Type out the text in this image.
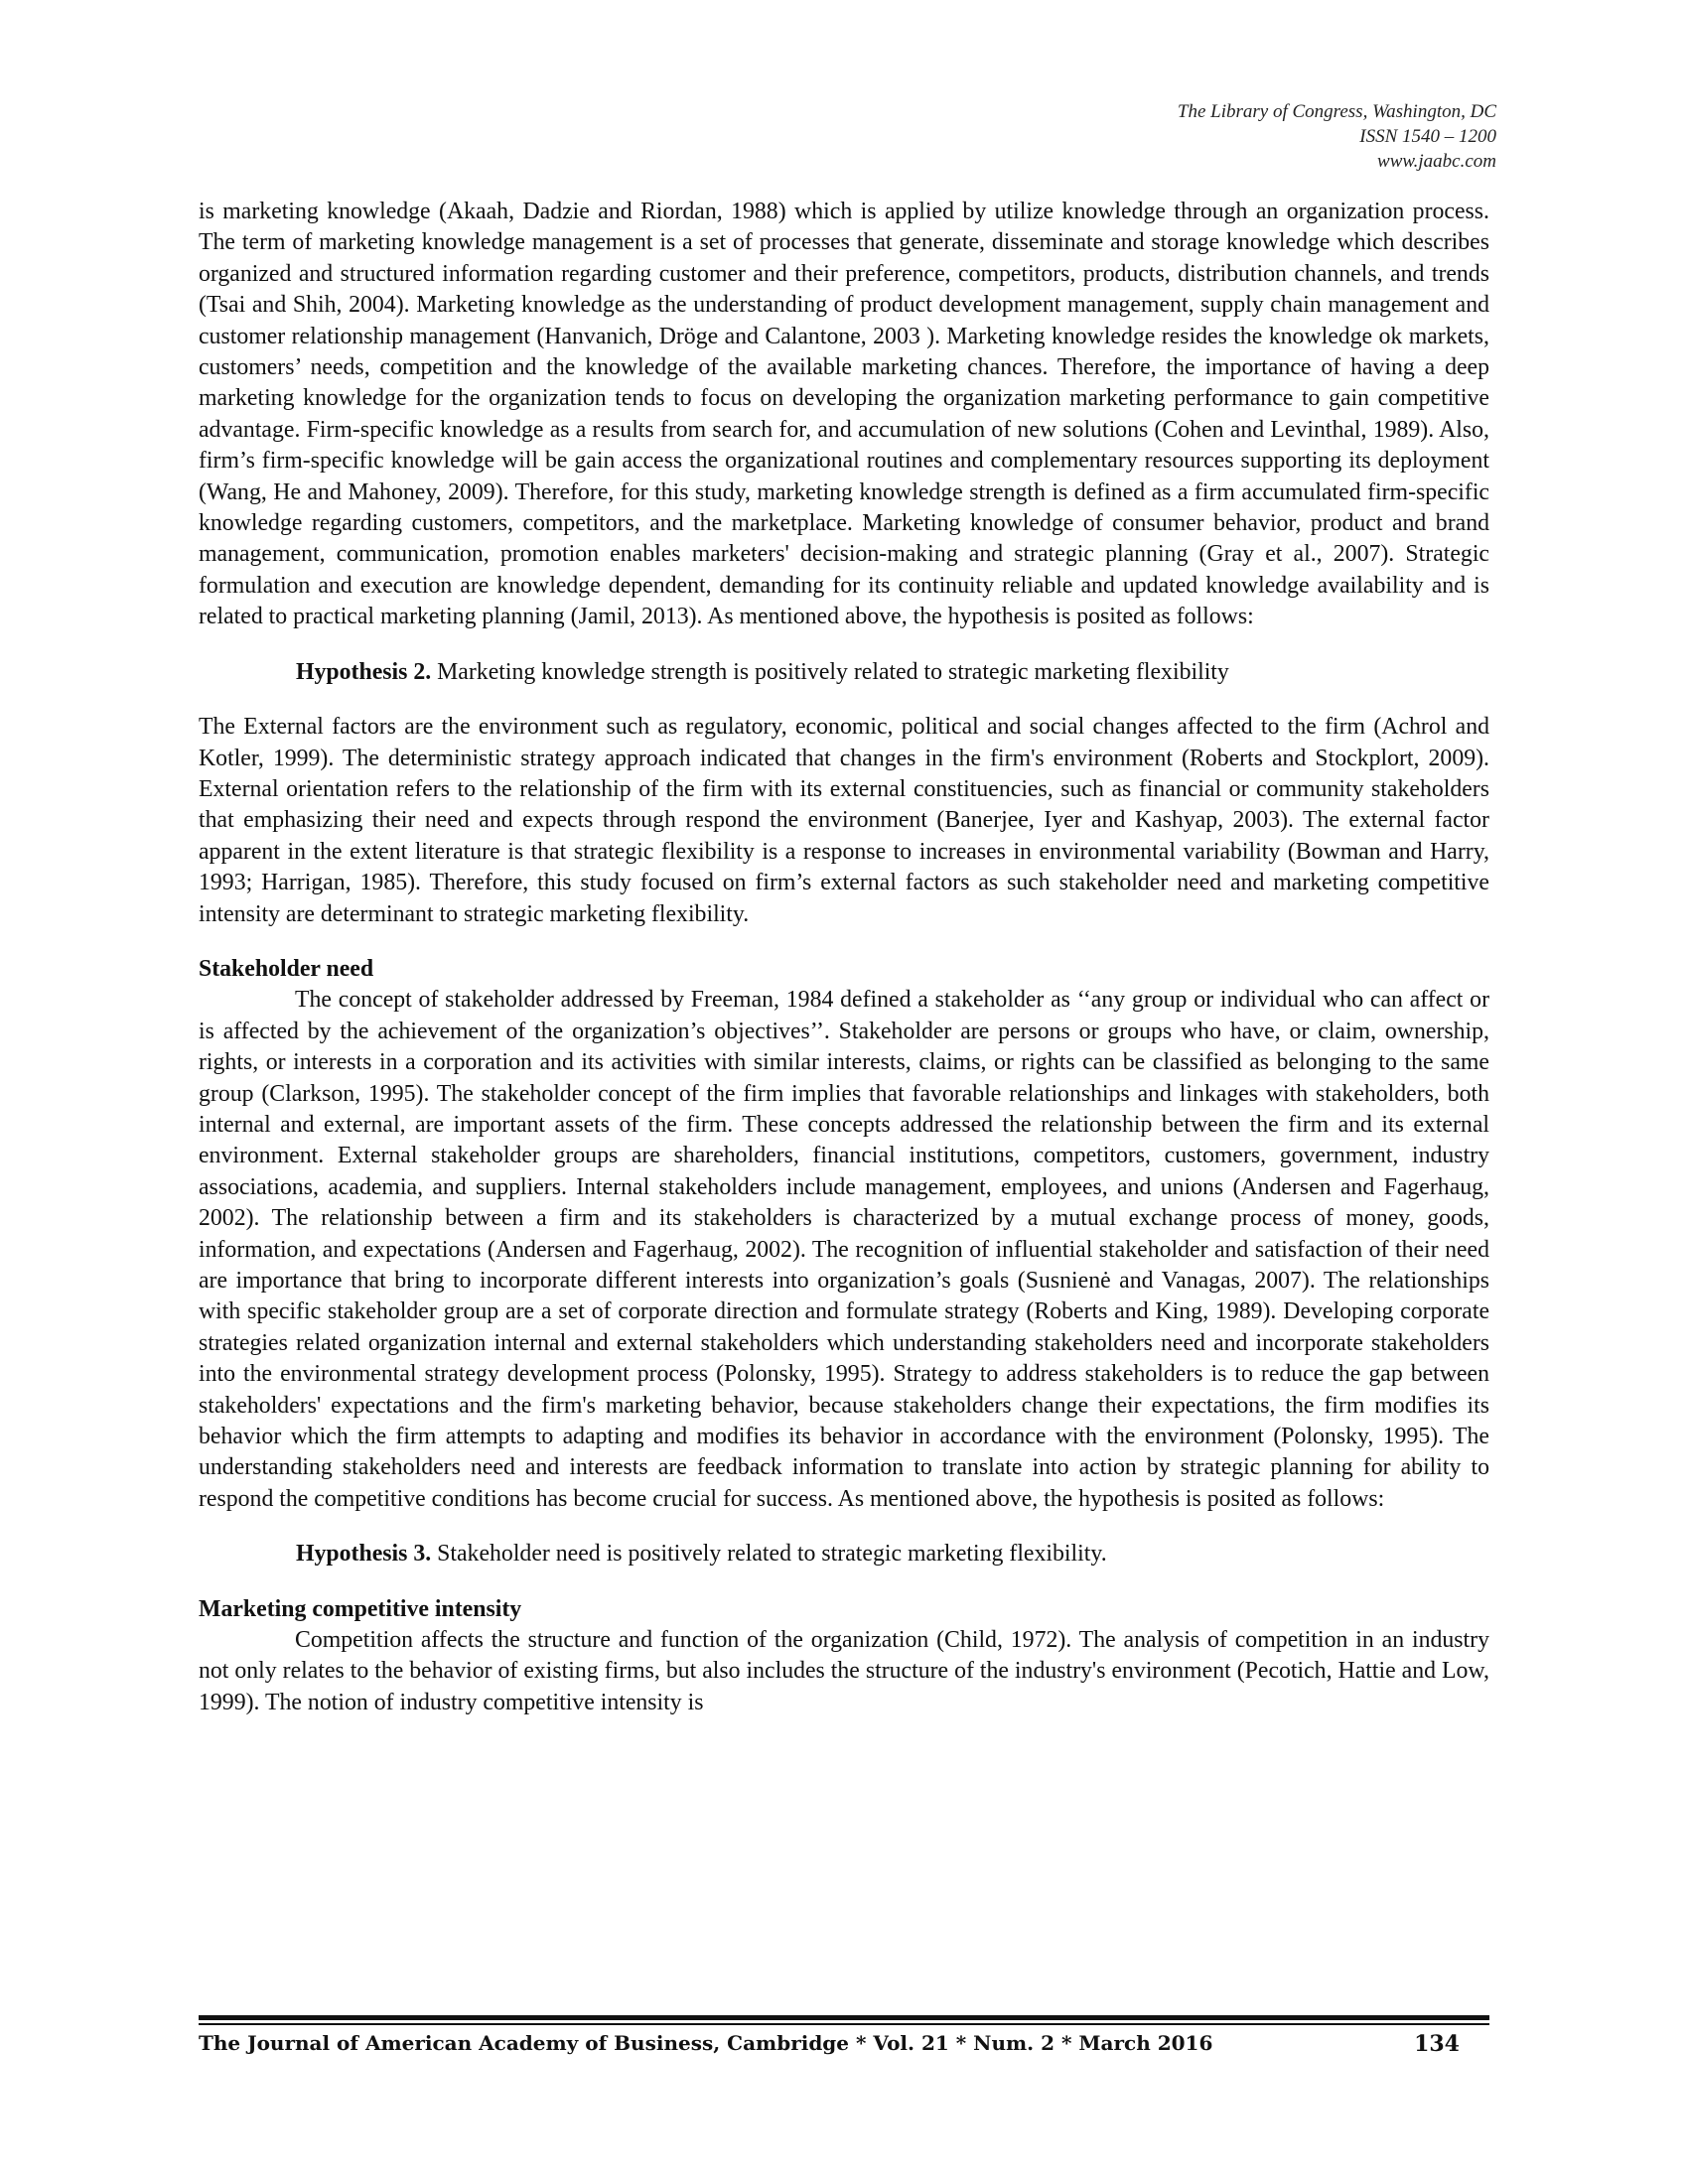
The Library of Congress, Washington, DC
ISSN 1540 – 1200
www.jaabc.com

is marketing knowledge (Akaah, Dadzie and Riordan, 1988) which is applied by utilize knowledge through an organization process. The term of marketing knowledge management is a set of processes that generate, disseminate and storage knowledge which describes organized and structured information regarding customer and their preference, competitors, products, distribution channels, and trends (Tsai and Shih, 2004). Marketing knowledge as the understanding of product development management, supply chain management and customer relationship management (Hanvanich, Dröge and Calantone, 2003 ). Marketing knowledge resides the knowledge ok markets, customers’ needs, competition and the knowledge of the available marketing chances. Therefore, the importance of having a deep marketing knowledge for the organization tends to focus on developing the organization marketing performance to gain competitive advantage. Firm-specific knowledge as a results from search for, and accumulation of new solutions (Cohen and Levinthal, 1989). Also, firm’s firm-specific knowledge will be gain access the organizational routines and complementary resources supporting its deployment (Wang, He and Mahoney, 2009). Therefore, for this study, marketing knowledge strength is defined as a firm accumulated firm-specific knowledge regarding customers, competitors, and the marketplace. Marketing knowledge of consumer behavior, product and brand management, communication, promotion enables marketers' decision-making and strategic planning (Gray et al., 2007). Strategic formulation and execution are knowledge dependent, demanding for its continuity reliable and updated knowledge availability and is related to practical marketing planning (Jamil, 2013). As mentioned above, the hypothesis is posited as follows:

Hypothesis 2. Marketing knowledge strength is positively related to strategic marketing flexibility

The External factors are the environment such as regulatory, economic, political and social changes affected to the firm (Achrol and Kotler, 1999). The deterministic strategy approach indicated that changes in the firm's environment (Roberts and Stockplort, 2009). External orientation refers to the relationship of the firm with its external constituencies, such as financial or community stakeholders that emphasizing their need and expects through respond the environment (Banerjee, Iyer and Kashyap, 2003). The external factor apparent in the extent literature is that strategic flexibility is a response to increases in environmental variability (Bowman and Harry, 1993; Harrigan, 1985). Therefore, this study focused on firm’s external factors as such stakeholder need and marketing competitive intensity are determinant to strategic marketing flexibility.

Stakeholder need

The concept of stakeholder addressed by Freeman, 1984 defined a stakeholder as ‘‘any group or individual who can affect or is affected by the achievement of the organization’s objectives’’. Stakeholder are persons or groups who have, or claim, ownership, rights, or interests in a corporation and its activities with similar interests, claims, or rights can be classified as belonging to the same group (Clarkson, 1995). The stakeholder concept of the firm implies that favorable relationships and linkages with stakeholders, both internal and external, are important assets of the firm. These concepts addressed the relationship between the firm and its external environment. External stakeholder groups are shareholders, financial institutions, competitors, customers, government, industry associations, academia, and suppliers. Internal stakeholders include management, employees, and unions (Andersen and Fagerhaug, 2002). The relationship between a firm and its stakeholders is characterized by a mutual exchange process of money, goods, information, and expectations (Andersen and Fagerhaug, 2002). The recognition of influential stakeholder and satisfaction of their need are importance that bring to incorporate different interests into organization’s goals (Susnienė and Vanagas, 2007). The relationships with specific stakeholder group are a set of corporate direction and formulate strategy (Roberts and King, 1989). Developing corporate strategies related organization internal and external stakeholders which understanding stakeholders need and incorporate stakeholders into the environmental strategy development process (Polonsky, 1995). Strategy to address stakeholders is to reduce the gap between stakeholders' expectations and the firm's marketing behavior, because stakeholders change their expectations, the firm modifies its behavior which the firm attempts to adapting and modifies its behavior in accordance with the environment (Polonsky, 1995). The understanding stakeholders need and interests are feedback information to translate into action by strategic planning for ability to respond the competitive conditions has become crucial for success. As mentioned above, the hypothesis is posited as follows:

Hypothesis 3. Stakeholder need is positively related to strategic marketing flexibility.

Marketing competitive intensity

Competition affects the structure and function of the organization (Child, 1972). The analysis of competition in an industry not only relates to the behavior of existing firms, but also includes the structure of the industry's environment (Pecotich, Hattie and Low, 1999). The notion of industry competitive intensity is

The Journal of American Academy of Business, Cambridge * Vol. 21 * Num. 2 * March 2016	134
